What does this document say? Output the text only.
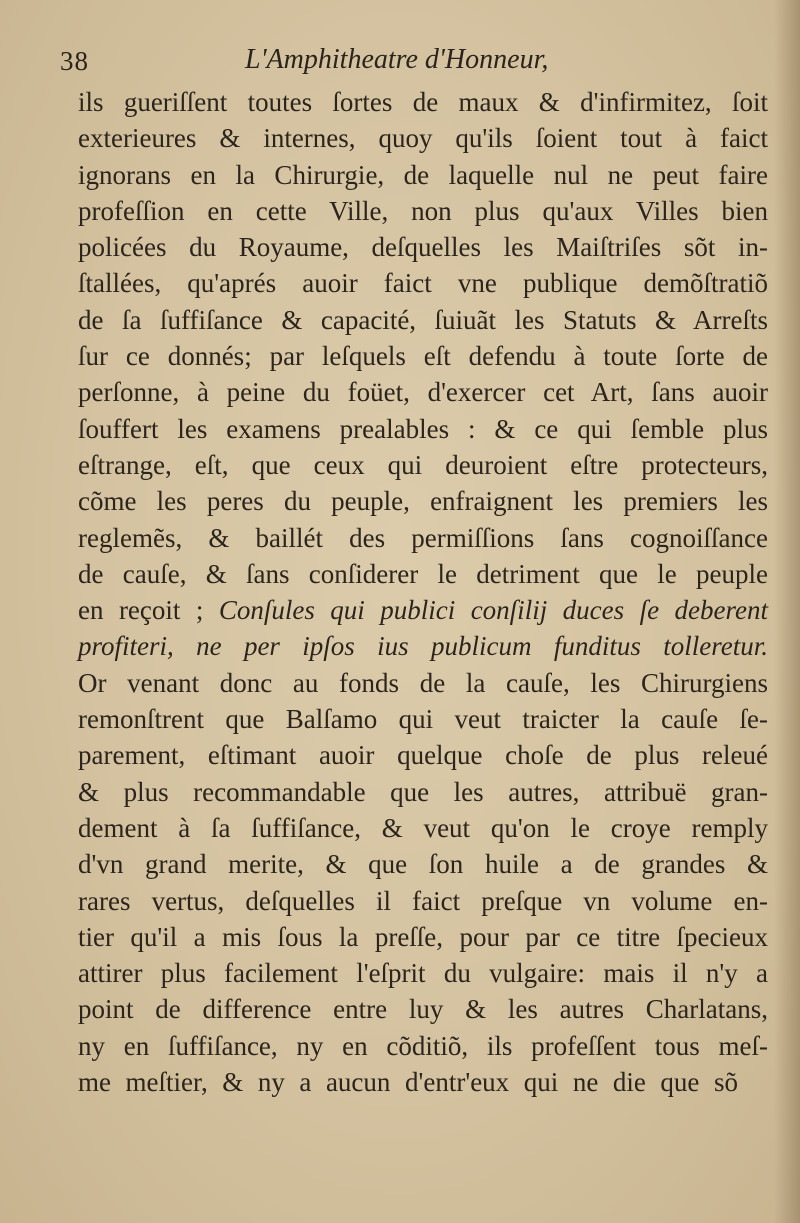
38	L'Amphitheatre d'Honneur,
ils gueriſſent toutes ſortes de maux & d'infirmitez, ſoit
exterieures & internes, quoy qu'ils ſoient tout à faict
ignorans en la Chirurgie, de laquelle nul ne peut faire
profeſſion en cette Ville, non plus qu'aux Villes bien
policées du Royaume, deſquelles les Maiſtriſes sõt in-
ſtallées, qu'aprés auoir faict vne publique demõſtratiõ
de ſa ſuffiſance & capacité, ſuiuãt les Statuts & Arreſts
ſur ce donnés; par leſquels eſt defendu à toute ſorte de
perſonne, à peine du foüet, d'exercer cet Art, ſans auoir
ſouffert les examens prealables : & ce qui ſemble plus
eſtrange, eſt, que ceux qui deuroient eſtre protecteurs,
cõme les peres du peuple, enfraignent les premiers les
reglemẽs, & baillét des permiſſions ſans cognoiſſance
de cauſe, & ſans conſiderer le detriment que le peuple
en reçoit ; Conſules qui publici conſilij duces ſe deberent
profiteri, ne per ipſos ius publicum funditus tolleretur.
Or venant donc au fonds de la cauſe, les Chirurgiens
remonſtrent que Balſamo qui veut traicter la cauſe ſe-
parement, eſtimant auoir quelque choſe de plus releué
& plus recommandable que les autres, attribuë gran-
dement à ſa ſuffiſance, & veut qu'on le croye remply
d'vn grand merite, & que ſon huile a de grandes &
rares vertus, deſquelles il faict preſque vn volume en-
tier qu'il a mis ſous la preſſe, pour par ce titre ſpecieux
attirer plus facilement l'eſprit du vulgaire: mais il n'y a
point de difference entre luy & les autres Charlatans,
ny en ſuffiſance, ny en cõditiõ, ils profeſſent tous meſ-
me meſtier, & ny a aucun d'entr'eux qui ne die que sõ
